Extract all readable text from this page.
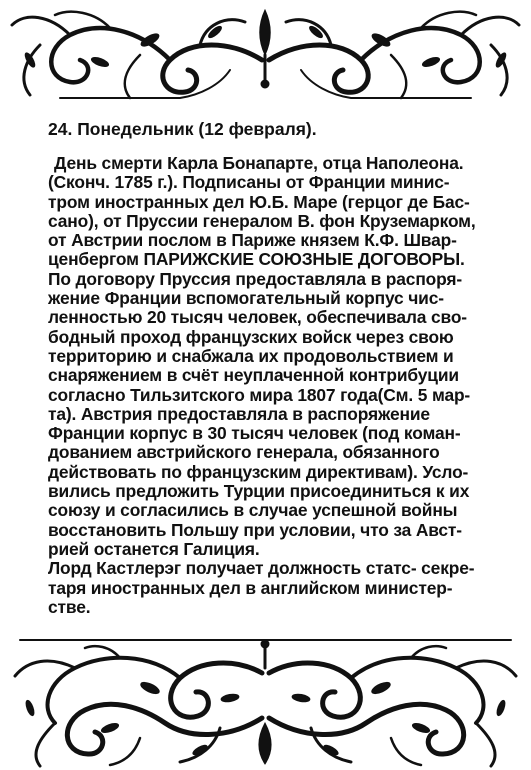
24. Понедельник (12 февраля).
День смерти Карла Бонапарте, отца Наполеона.
(Сконч. 1785 г.). Подписаны от Франции минис-
тром иностранных дел Ю.Б. Маре (герцог де Бас-
сано), от Пруссии генералом В. фон Круземарком,
от Австрии послом в Париже князем К.Ф. Швар-
ценбергом ПАРИЖСКИЕ СОЮЗНЫЕ ДОГОВОРЫ.
По договору Пруссия предоставляла в распоря-
жение Франции вспомогательный корпус чис-
ленностью 20 тысяч человек, обеспечивала сво-
бодный проход французских войск через свою
территорию и снабжала их продовольствием и
снаряжением в счёт неуплаченной контрибуции
согласно Тильзитского мира 1807 года(См. 5 мар-
та). Австрия предоставляла в распоряжение
Франции корпус в 30 тысяч человек (под коман-
дованием австрийского генерала, обязанного
действовать по французским директивам). Усло-
вились предложить Турции присоединиться к их
союзу и согласились в случае успешной войны
восстановить Польшу при условии, что за Авст-
рией останется Галиция.
Лорд Кастлерэг получает должность статс- секре-
таря иностранных дел в английском министер-
стве.
